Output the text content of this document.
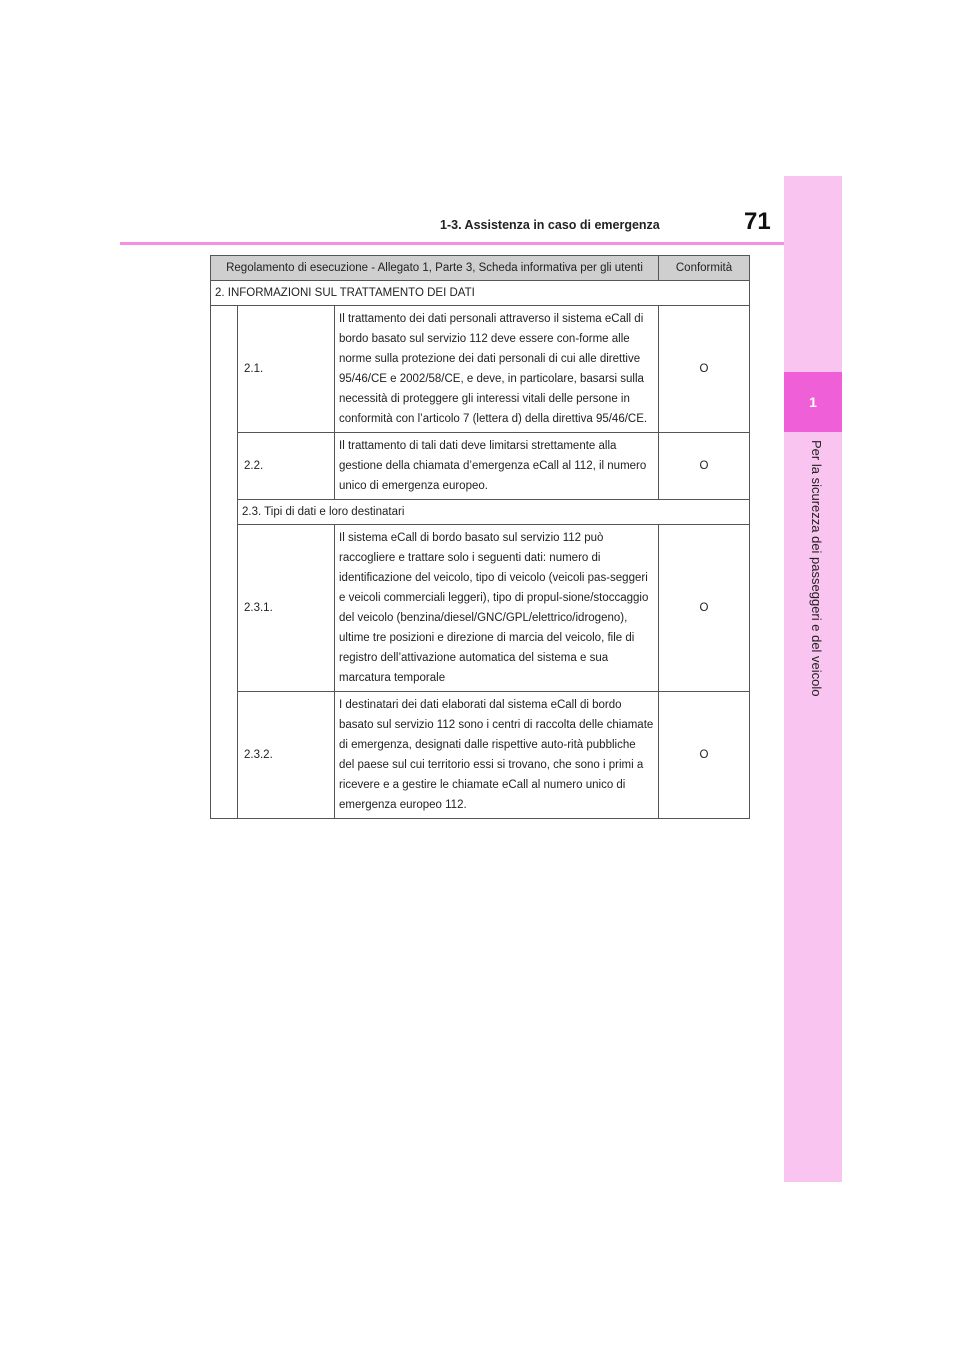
1
Per la sicurezza dei passeggeri e del veicolo
71
1-3. Assistenza in caso di emergenza
Regolamento di esecuzione - Allegato 1, Parte 3, Scheda informativa per gli utenti			Conformità
2. INFORMAZIONI SUL TRATTAMENTO DEI DATI			
	2.1.	Il trattamento dei dati personali attraverso il sistema eCall di bordo basato sul servizio 112 deve essere con-forme alle norme sulla protezione dei dati personali di cui alle direttive 95/46/CE e 2002/58/CE, e deve, in particolare, basarsi sulla necessità di proteggere gli interessi vitali delle persone in conformità con l’articolo 7 (lettera d) della direttiva 95/46/CE.	O
	2.2.	Il trattamento di tali dati deve limitarsi strettamente alla gestione della chiamata d’emergenza eCall al 112, il numero unico di emergenza europeo.	O
	2.3. Tipi di dati e loro destinatari		
	2.3.1.	Il sistema eCall di bordo basato sul servizio 112 può raccogliere e trattare solo i seguenti dati: numero di identificazione del veicolo, tipo di veicolo (veicoli pas-seggeri e veicoli commerciali leggeri), tipo di propul-sione/stoccaggio del veicolo (benzina/diesel/GNC/GPL/elettrico/idrogeno), ultime tre posizioni e direzione di marcia del veicolo, file di registro dell’attivazione automatica del sistema e sua marcatura temporale	O
	2.3.2.	I destinatari dei dati elaborati dal sistema eCall di bordo basato sul servizio 112 sono i centri di raccolta delle chiamate di emergenza, designati dalle rispettive auto-rità pubbliche del paese sul cui territorio essi si trovano, che sono i primi a ricevere e a gestire le chiamate eCall al numero unico di emergenza europeo 112.	O
